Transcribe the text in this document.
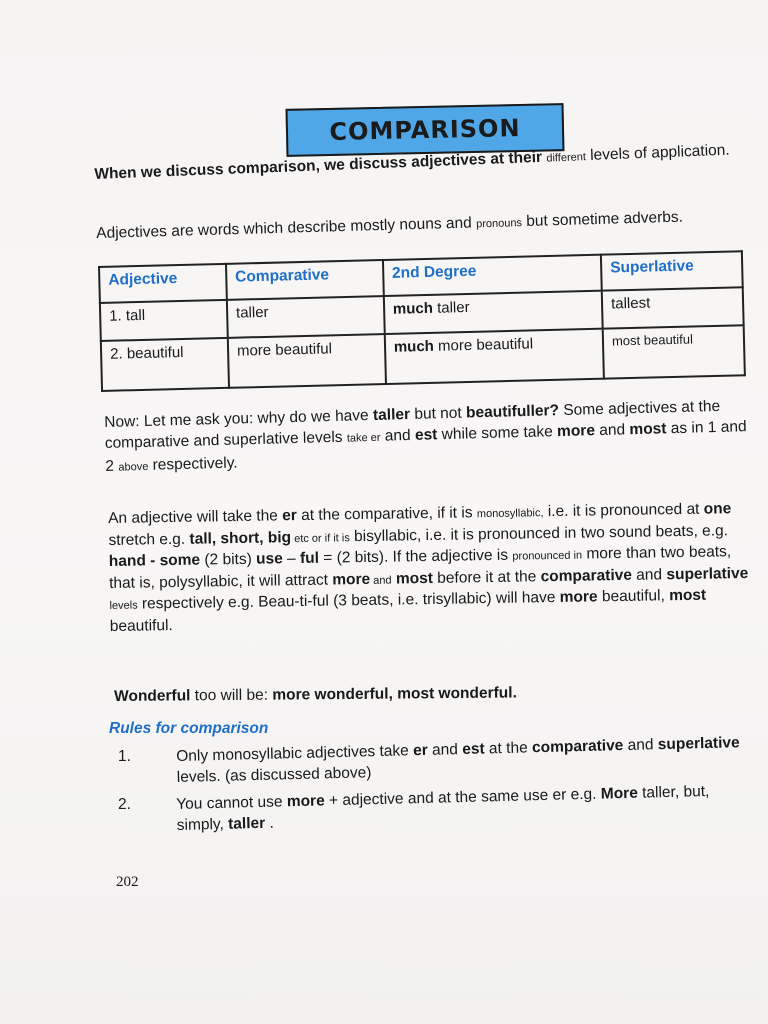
COMPARISON

When we discuss comparison, we discuss adjectives at their different levels of application.

Adjectives are words which describe mostly nouns and pronouns but sometime adverbs.

Adjective	Comparative	2nd Degree	Superlative
1. tall	taller	much taller	tallest
2. beautiful	more beautiful	much more beautiful	most beautiful

Now: Let me ask you: why do we have taller but not beautifuller? Some adjectives at the comparative and superlative levels take er and est while some take more and most as in 1 and 2 above respectively.

An adjective will take the er at the comparative, if it is monosyllabic, i.e. it is pronounced at one stretch e.g. tall, short, big etc or if it is bisyllabic, i.e. it is pronounced in two sound beats, e.g. hand - some (2 bits) use – ful = (2 bits). If the adjective is pronounced in more than two beats, that is, polysyllabic, it will attract more and most before it at the comparative and superlative levels respectively e.g. Beau-ti-ful (3 beats, i.e. trisyllabic) will have more beautiful, most beautiful.

Wonderful too will be: more wonderful, most wonderful.

Rules for comparison

1.	Only monosyllabic adjectives take er and est at the comparative and superlative levels. (as discussed above)
2.	You cannot use more + adjective and at the same use er e.g. More taller, but, simply, taller .

202
